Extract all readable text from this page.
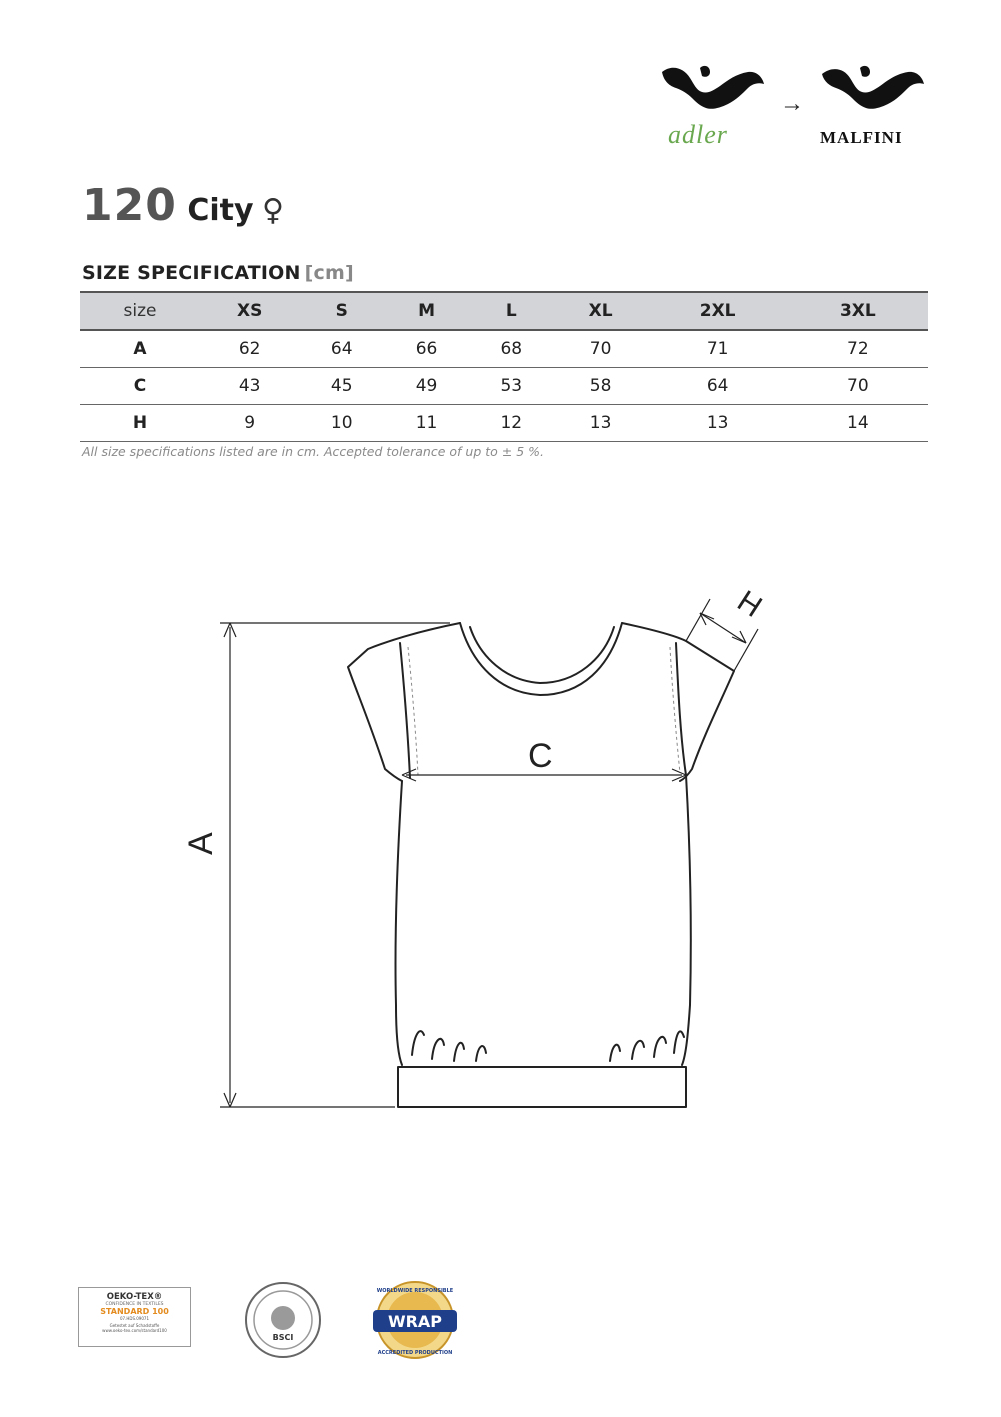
adler
→
MALFINI
120 City ♀
SIZE SPECIFICATION [cm]
size	XS	S	M	L	XL	2XL	3XL
A	62	64	66	68	70	71	72
C	43	45	49	53	58	64	70
H	9	10	11	12	13	13	14
All size specifications listed are in cm. Accepted tolerance of up to ± 5 %.
A
C
H
OEKO-TEX®
CONFIDENCE IN TEXTILES
STANDARD 100
07.HDS.09071
Getestet auf Schadstoffe
www.oeko-tex.com/standard100
BSCI
WRAP
WORLDWIDE RESPONSIBLE
ACCREDITED PRODUCTION
